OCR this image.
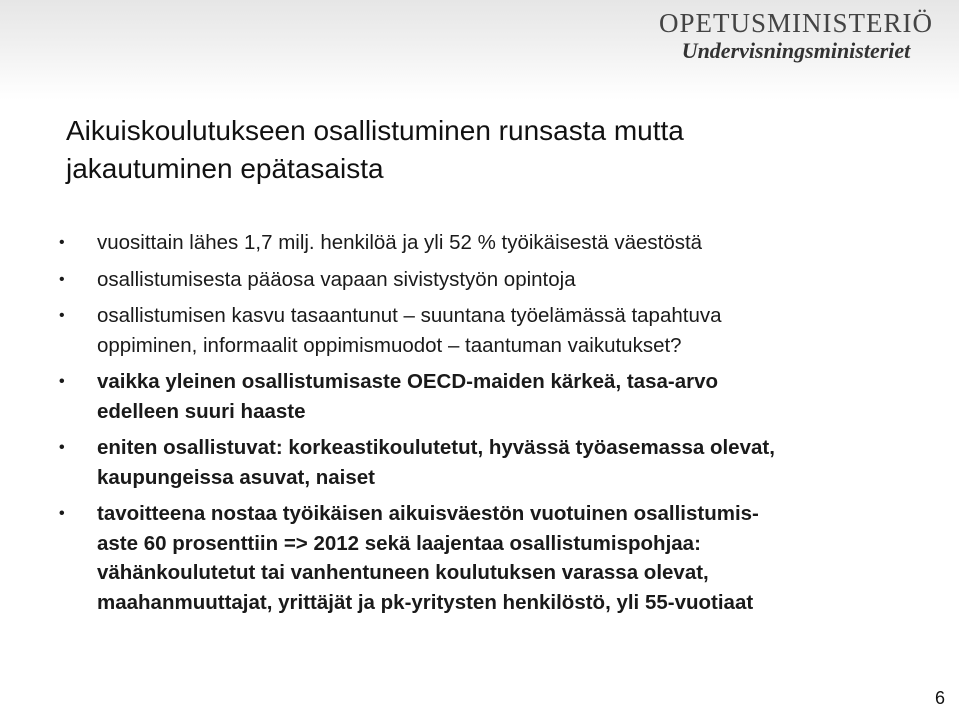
OPETUSMINISTERIÖ
Undervisningsministeriet
Aikuiskoulutukseen osallistuminen runsasta mutta
jakautuminen epätasaista
• vuosittain lähes 1,7 milj. henkilöä ja yli 52 % työikäisestä väestöstä
• osallistumisesta pääosa vapaan sivistystyön opintoja
• osallistumisen kasvu tasaantunut – suuntana työelämässä tapahtuva
oppiminen, informaalit oppimismuodot – taantuman vaikutukset?
• vaikka yleinen osallistumisaste OECD-maiden kärkeä, tasa-arvo
edelleen suuri haaste
• eniten osallistuvat: korkeastikoulutetut, hyvässä työasemassa olevat,
kaupungeissa asuvat, naiset
• tavoitteena nostaa työikäisen aikuisväestön vuotuinen osallistumis-
aste 60 prosenttiin => 2012 sekä laajentaa osallistumispohjaa:
vähänkoulutetut tai vanhentuneen koulutuksen varassa olevat,
maahanmuuttajat, yrittäjät ja pk-yritysten henkilöstö, yli 55-vuotiaat
6
